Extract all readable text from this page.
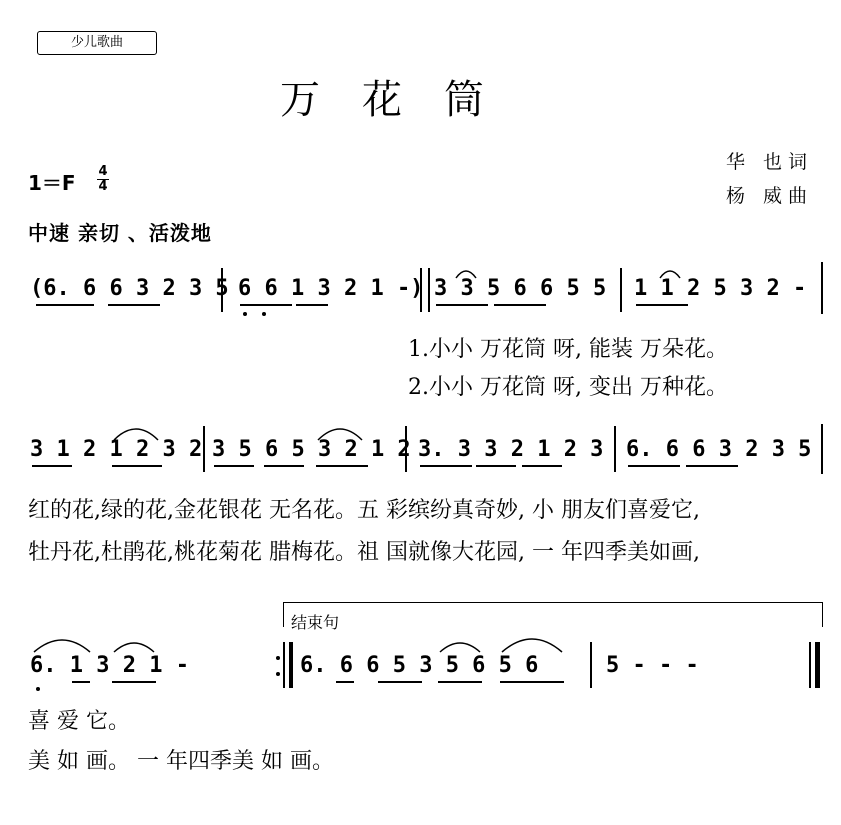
少儿歌曲
万花筒
华 也词
杨 威曲
1＝F 4
4
中速 亲切 、活泼地
(6. 6 6 3 2 3 5 6 6 1 3 2 1 -) 3 3 5 6 6 5 5 1 1 2 5 3 2 -
1.小小 万花筒 呀, 能装 万朵花。
2.小小 万花筒 呀, 变出 万种花。
3 1 2 1 2 3 2 3 5 6 5 3 2 1 2 3. 3 3 2 1 2 3 6. 6 6 3 2 3 5
红的花,绿的花,金花银花 无名花。五 彩缤纷真奇妙, 小 朋友们喜爱它,
牡丹花,杜鹃花,桃花菊花 腊梅花。祖 国就像大花园, 一 年四季美如画,
结束句
6. 1 3 2 1 -	6. 6 6 5 3 5 6 5 6	5 - - -
喜 爱 它。
美 如 画。 一 年四季美 如 画。
